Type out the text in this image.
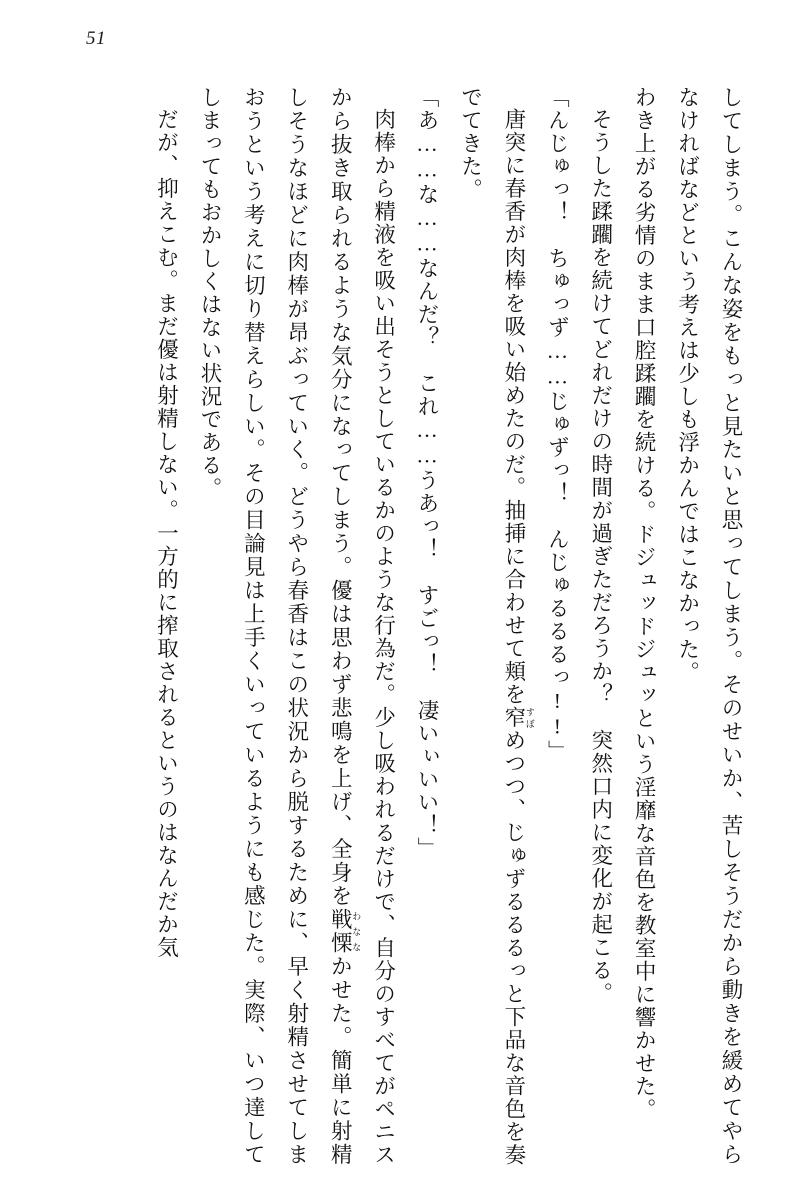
51

してしまう。こんな姿をもっと見たいと思ってしまう。そのせいか、苦しそうだから動きを緩めてやらなければなどという考えは少しも浮かんではこなかった。

わき上がる劣情のまま口腔蹂躙を続ける。ドジュッドジュッという淫靡な音色を教室中に響かせた。

そうした蹂躙を続けてどれだけの時間が過ぎただろうか？　突然口内に変化が起こる。

「んじゅっ！　ちゅっず……じゅずっ！　んじゅるるるっ!!」

唐突に春香が肉棒を吸い始めたのだ。抽挿に合わせて頬を窄 すぼめつつ、じゅずるるるっと下品な音色を奏でてきた。

「あ……な……なんだ？　これ……うあっ！　すごっ！　凄いぃいい！」

肉棒から精液を吸い出そうとしているかのような行為だ。少し吸われるだけで、自分のすべてがペニスから抜き取られるような気分になってしまう。優は思わず悲鳴を上げ、全身を戦慄 わななかせた。簡単に射精しそうなほどに肉棒が昂ぶっていく。どうやら春香はこの状況から脱するために、早く射精させてしまおうという考えに切り替えらしい。その目論見は上手くいっているようにも感じた。実際、いつ達してしまってもおかしくはない状況である。

だが、抑えこむ。まだ優は射精しない。一方的に搾取されるというのはなんだか気
